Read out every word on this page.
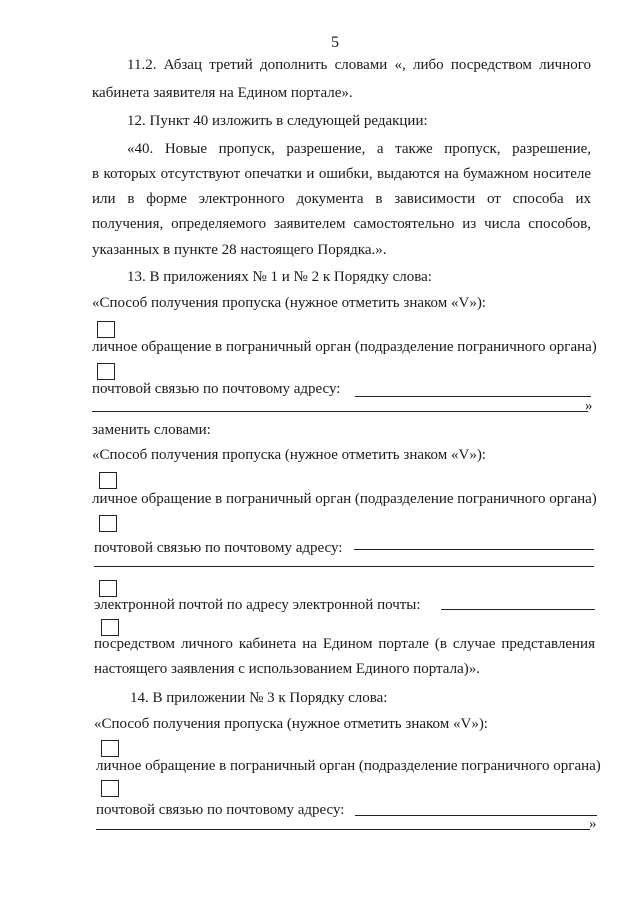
5
11.2. Абзац третий дополнить словами «, либо посредством личного
кабинета заявителя на Едином портале».
12. Пункт 40 изложить в следующей редакции:
«40. Новые пропуск, разрешение, а также пропуск, разрешение,
в которых отсутствуют опечатки и ошибки, выдаются на бумажном носителе
или в форме электронного документа в зависимости от способа их
получения, определяемого заявителем самостоятельно из числа способов,
указанных в пункте 28 настоящего Порядка.».
13. В приложениях № 1 и № 2 к Порядку слова:
«Способ получения пропуска (нужное отметить знаком «V»):
личное обращение в пограничный орган (подразделение пограничного органа)
почтовой связью по почтовому адресу:
»
заменить словами:
«Способ получения пропуска (нужное отметить знаком «V»):
личное обращение в пограничный орган (подразделение пограничного органа)
почтовой связью по почтовому адресу:
электронной почтой по адресу электронной почты:
посредством личного кабинета на Едином портале (в случае представления
настоящего заявления с использованием Единого портала)».
14. В приложении № 3 к Порядку слова:
«Способ получения пропуска (нужное отметить знаком «V»):
личное обращение в пограничный орган (подразделение пограничного органа)
почтовой связью по почтовому адресу:
»
